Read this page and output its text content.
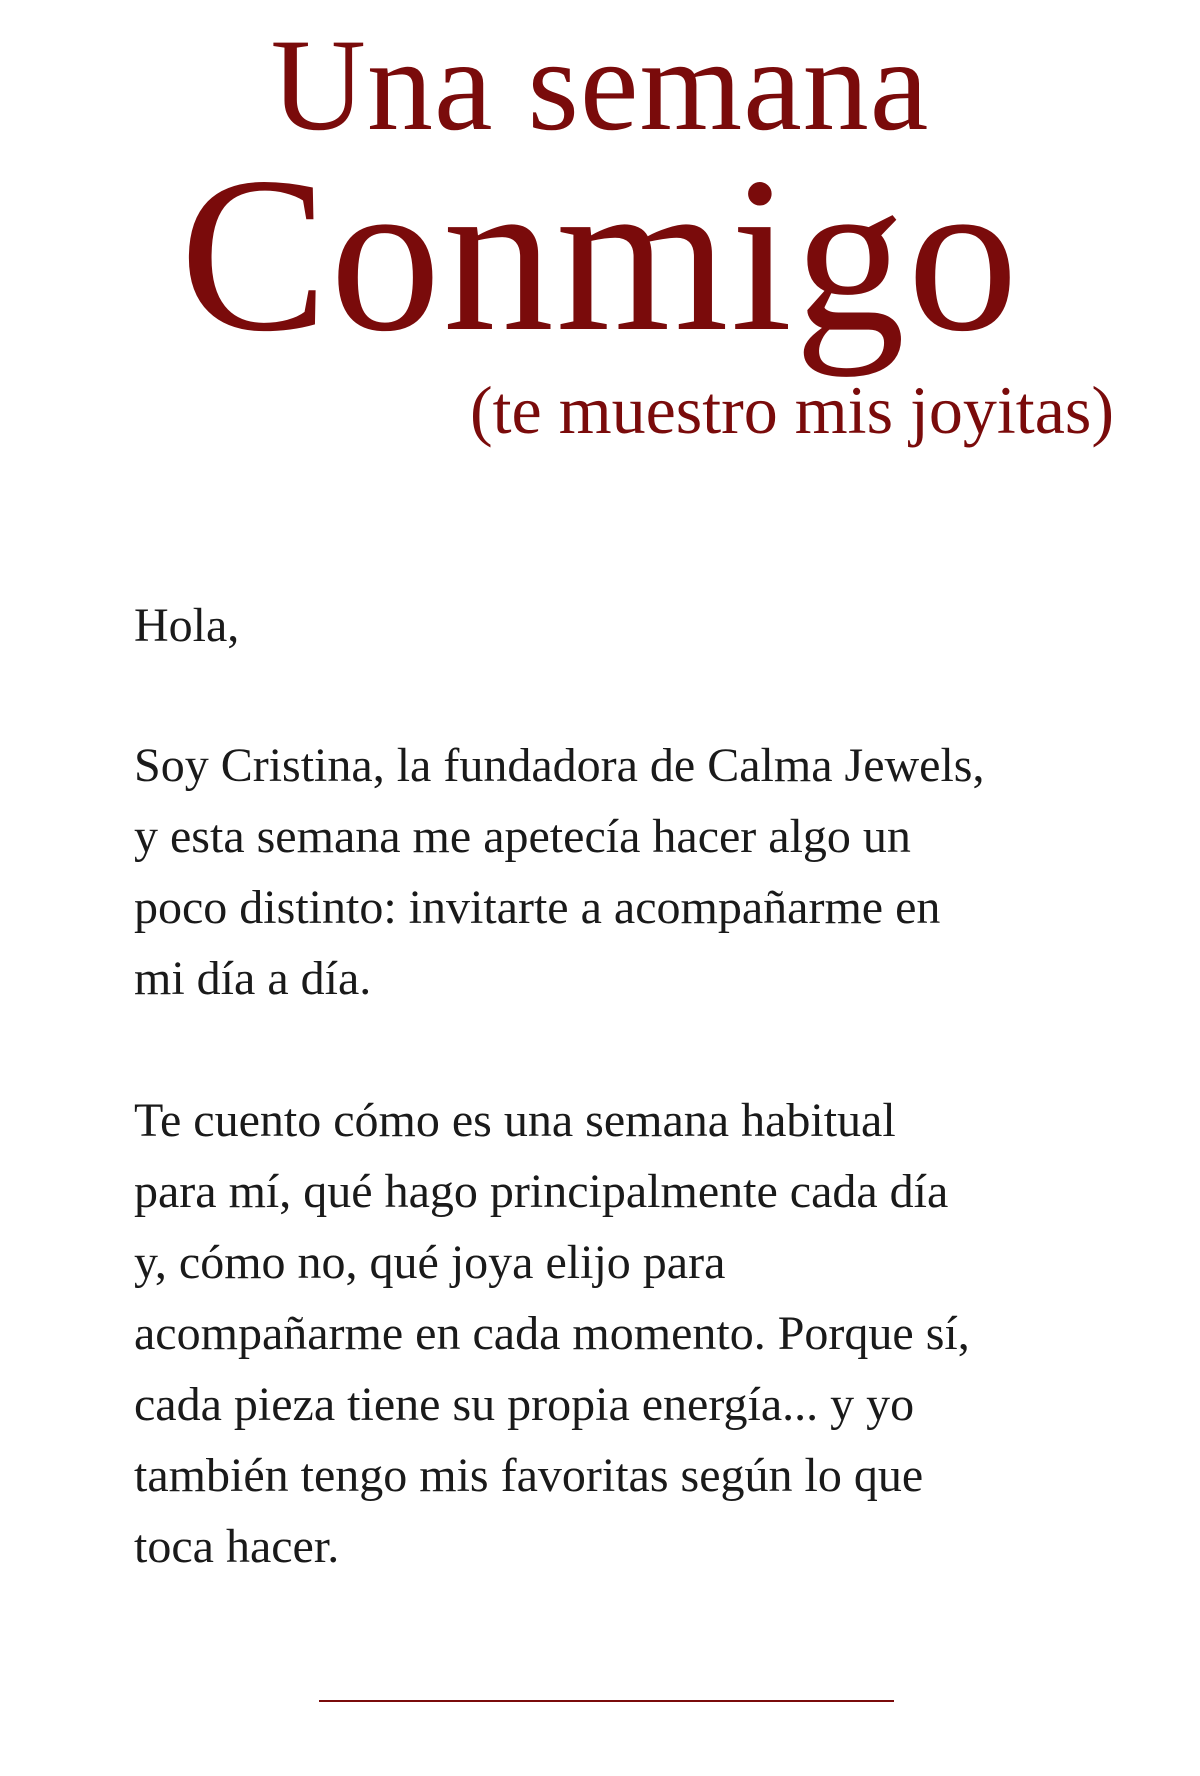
Una semana
Conmigo
(te muestro mis joyitas)
Hola,
Soy Cristina, la fundadora de Calma Jewels,
y esta semana me apetecía hacer algo un
poco distinto: invitarte a acompañarme en
mi día a día.
Te cuento cómo es una semana habitual
para mí, qué hago principalmente cada día
y, cómo no, qué joya elijo para
acompañarme en cada momento. Porque sí,
cada pieza tiene su propia energía... y yo
también tengo mis favoritas según lo que
toca hacer.
